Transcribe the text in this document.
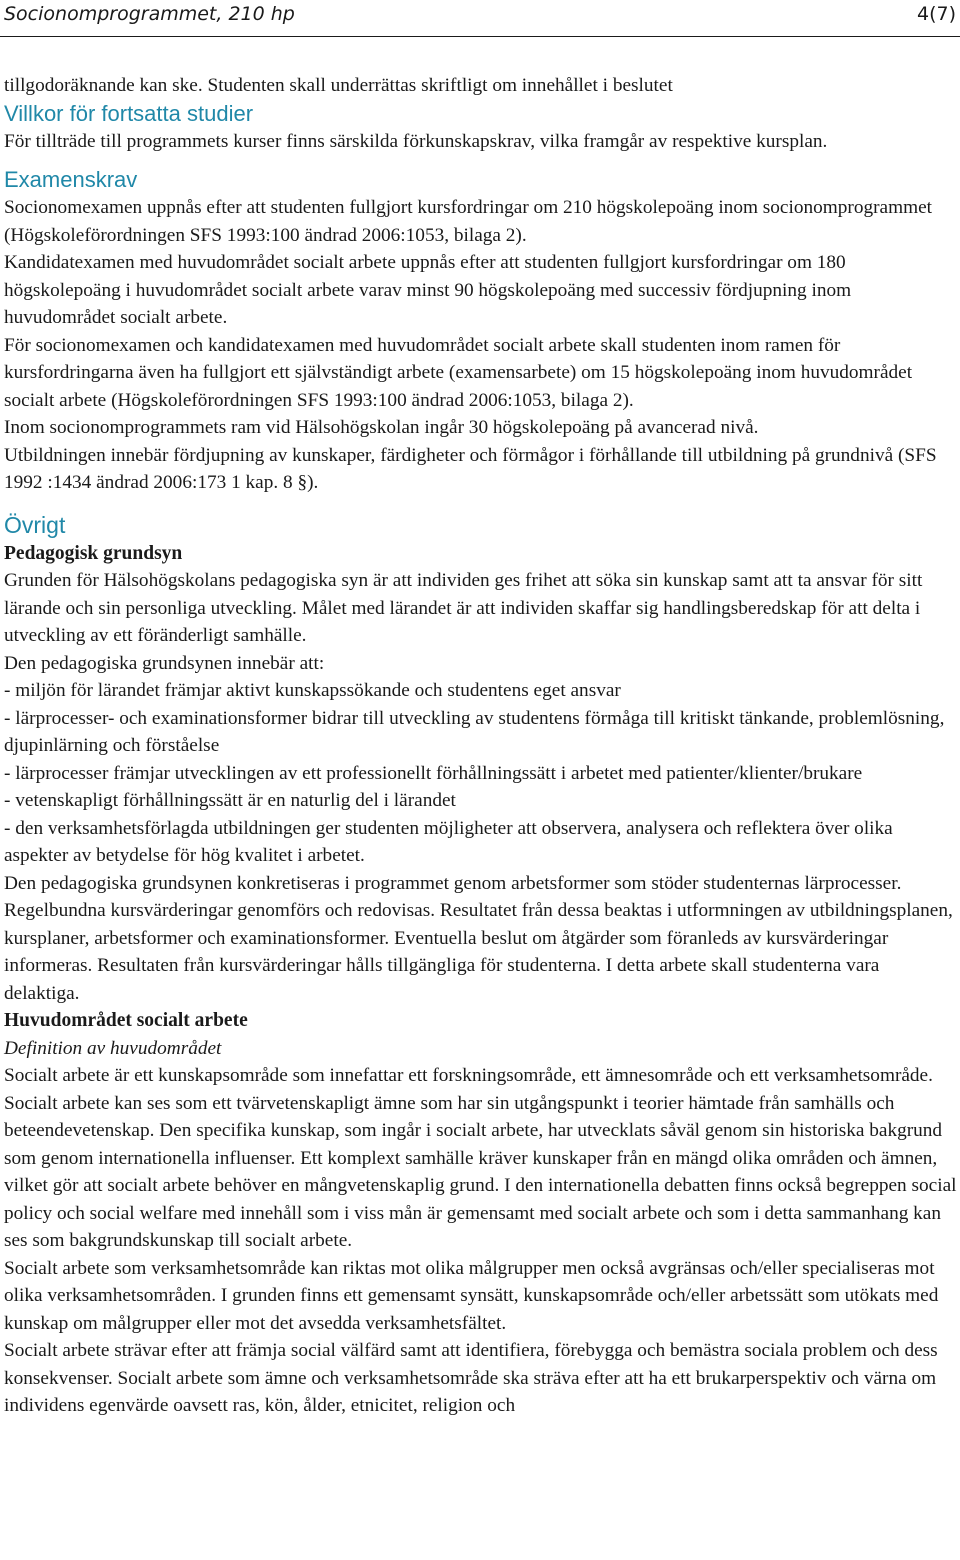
Socionomprogrammet, 210 hp	4(7)

tillgodoräknande kan ske. Studenten skall underrättas skriftligt om innehållet i beslutet

Villkor för fortsatta studier

För tillträde till programmets kurser finns särskilda förkunskapskrav, vilka framgår av respektive kursplan.

Examenskrav

Socionomexamen uppnås efter att studenten fullgjort kursfordringar om 210 högskolepoäng inom socionomprogrammet (Högskoleförordningen SFS 1993:100 ändrad 2006:1053, bilaga 2).

Kandidatexamen med huvudområdet socialt arbete uppnås efter att studenten fullgjort kursfordringar om 180 högskolepoäng i huvudområdet socialt arbete varav minst 90 högskolepoäng med successiv fördjupning inom huvudområdet socialt arbete.

För socionomexamen och kandidatexamen med huvudområdet socialt arbete skall studenten inom ramen för kursfordringarna även ha fullgjort ett självständigt arbete (examensarbete) om 15 högskolepoäng inom huvudområdet socialt arbete (Högskoleförordningen SFS 1993:100 ändrad 2006:1053, bilaga 2).

Inom socionomprogrammets ram vid Hälsohögskolan ingår 30 högskolepoäng på avancerad nivå.

Utbildningen innebär fördjupning av kunskaper, färdigheter och förmågor i förhållande till utbildning på grundnivå (SFS 1992 :1434 ändrad 2006:173 1 kap. 8 §).

Övrigt
Pedagogisk grundsyn

Grunden för Hälsohögskolans pedagogiska syn är att individen ges frihet att söka sin kunskap samt att ta ansvar för sitt lärande och sin personliga utveckling. Målet med lärandet är att individen skaffar sig handlingsberedskap för att delta i utveckling av ett föränderligt samhälle.

Den pedagogiska grundsynen innebär att:

- miljön för lärandet främjar aktivt kunskapssökande och studentens eget ansvar

- lärprocesser- och examinationsformer bidrar till utveckling av studentens förmåga till kritiskt tänkande, problemlösning, djupinlärning och förståelse

- lärprocesser främjar utvecklingen av ett professionellt förhållningssätt i arbetet med patienter/klienter/brukare

- vetenskapligt förhållningssätt är en naturlig del i lärandet

- den verksamhetsförlagda utbildningen ger studenten möjligheter att observera, analysera och reflektera över olika aspekter av betydelse för hög kvalitet i arbetet.

Den pedagogiska grundsynen konkretiseras i programmet genom arbetsformer som stöder studenternas lärprocesser. Regelbundna kursvärderingar genomförs och redovisas. Resultatet från dessa beaktas i utformningen av utbildningsplanen, kursplaner, arbetsformer och examinationsformer. Eventuella beslut om åtgärder som föranleds av kursvärderingar informeras. Resultaten från kursvärderingar hålls tillgängliga för studenterna. I detta arbete skall studenterna vara delaktiga.

Huvudområdet socialt arbete

Definition av huvudområdet

Socialt arbete är ett kunskapsområde som innefattar ett forskningsområde, ett ämnesområde och ett verksamhetsområde. Socialt arbete kan ses som ett tvärvetenskapligt ämne som har sin utgångspunkt i teorier hämtade från samhälls och beteendevetenskap. Den specifika kunskap, som ingår i socialt arbete, har utvecklats såväl genom sin historiska bakgrund som genom internationella influenser. Ett komplext samhälle kräver kunskaper från en mängd olika områden och ämnen, vilket gör att socialt arbete behöver en mångvetenskaplig grund. I den internationella debatten finns också begreppen social policy och social welfare med innehåll som i viss mån är gemensamt med socialt arbete och som i detta sammanhang kan ses som bakgrundskunskap till socialt arbete.

Socialt arbete som verksamhetsområde kan riktas mot olika målgrupper men också avgränsas och/eller specialiseras mot olika verksamhetsområden. I grunden finns ett gemensamt synsätt, kunskapsområde och/eller arbetssätt som utökats med kunskap om målgrupper eller mot det avsedda verksamhetsfältet.

Socialt arbete strävar efter att främja social välfärd samt att identifiera, förebygga och bemästra sociala problem och dess konsekvenser. Socialt arbete som ämne och verksamhetsområde ska sträva efter att ha ett brukarperspektiv och värna om individens egenvärde oavsett ras, kön, ålder, etnicitet, religion och
